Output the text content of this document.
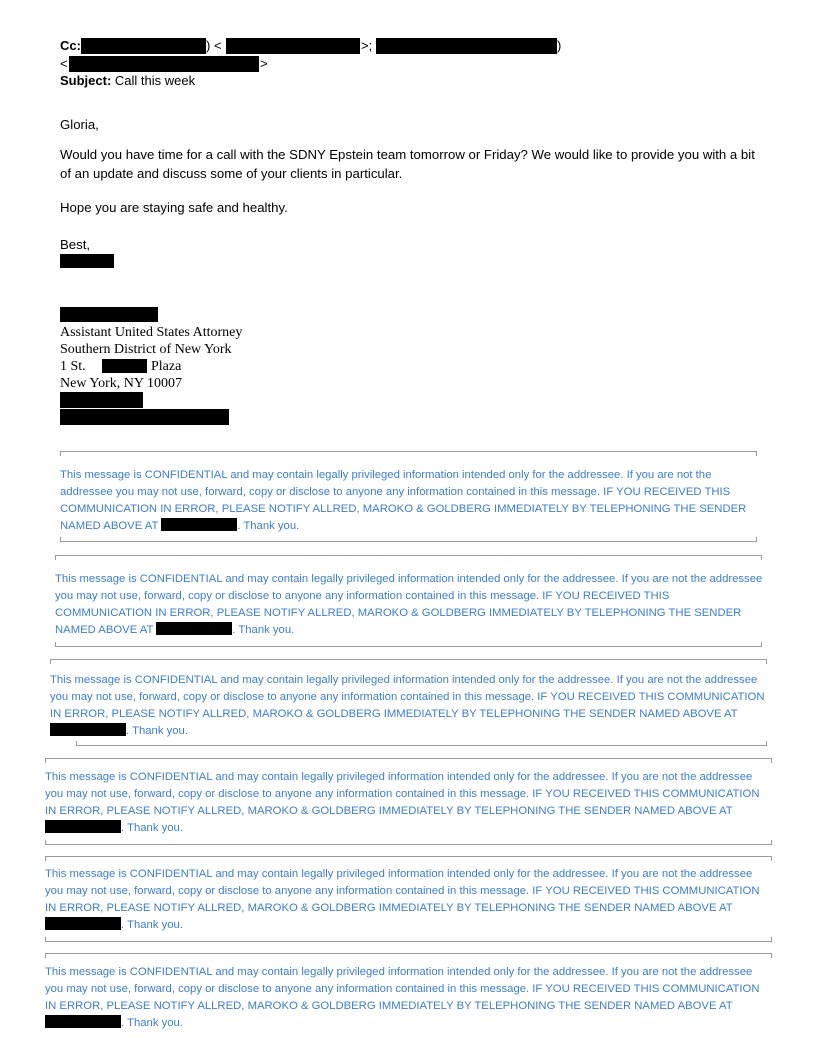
Cc:	) <	>;	)
<	>
Subject: Call this week
Gloria,
Would you have time for a call with the SDNY Epstein team tomorrow or Friday? We would like to provide you with a bit of an update and discuss some of your clients in particular.
Hope you are staying safe and healthy.
Best,
Assistant United States Attorney
Southern District of New York
1 St.	Plaza
New York, NY 10007
This message is CONFIDENTIAL and may contain legally privileged information intended only for the addressee. If you are not the addressee you may not use, forward, copy or disclose to anyone any information contained in this message. IF YOU RECEIVED THIS COMMUNICATION IN ERROR, PLEASE NOTIFY ALLRED, MAROKO & GOLDBERG IMMEDIATELY BY TELEPHONING THE SENDER NAMED ABOVE AT	. Thank you.
This message is CONFIDENTIAL and may contain legally privileged information intended only for the addressee. If you are not the addressee you may not use, forward, copy or disclose to anyone any information contained in this message. IF YOU RECEIVED THIS COMMUNICATION IN ERROR, PLEASE NOTIFY ALLRED, MAROKO & GOLDBERG IMMEDIATELY BY TELEPHONING THE SENDER NAMED ABOVE AT	. Thank you.
This message is CONFIDENTIAL and may contain legally privileged information intended only for the addressee. If you are not the addressee you may not use, forward, copy or disclose to anyone any information contained in this message. IF YOU RECEIVED THIS COMMUNICATION IN ERROR, PLEASE NOTIFY ALLRED, MAROKO & GOLDBERG IMMEDIATELY BY TELEPHONING THE SENDER NAMED ABOVE AT . Thank you.
This message is CONFIDENTIAL and may contain legally privileged information intended only for the addressee. If you are not the addressee you may not use, forward, copy or disclose to anyone any information contained in this message. IF YOU RECEIVED THIS COMMUNICATION IN ERROR, PLEASE NOTIFY ALLRED, MAROKO & GOLDBERG IMMEDIATELY BY TELEPHONING THE SENDER NAMED ABOVE AT . Thank you.
This message is CONFIDENTIAL and may contain legally privileged information intended only for the addressee. If you are not the addressee you may not use, forward, copy or disclose to anyone any information contained in this message. IF YOU RECEIVED THIS COMMUNICATION IN ERROR, PLEASE NOTIFY ALLRED, MAROKO & GOLDBERG IMMEDIATELY BY TELEPHONING THE SENDER NAMED ABOVE AT . Thank you.
This message is CONFIDENTIAL and may contain legally privileged information intended only for the addressee. If you are not the addressee you may not use, forward, copy or disclose to anyone any information contained in this message. IF YOU RECEIVED THIS COMMUNICATION IN ERROR, PLEASE NOTIFY ALLRED, MAROKO & GOLDBERG IMMEDIATELY BY TELEPHONING THE SENDER NAMED ABOVE AT . Thank you.
